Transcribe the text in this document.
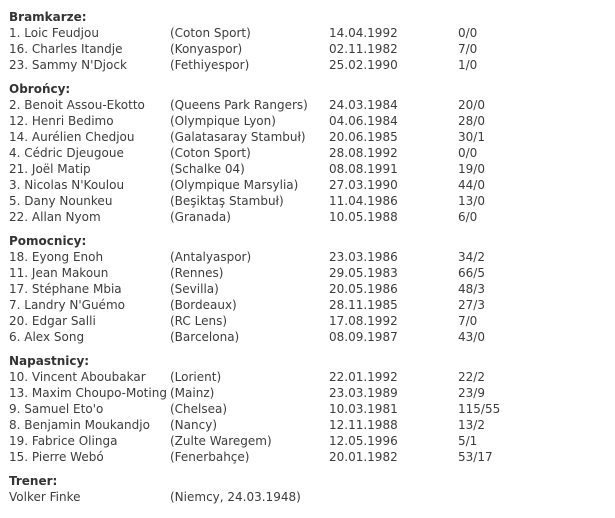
Bramkarze:
1. Loic Feudjou	(Coton Sport)	14.04.1992	0/0
16. Charles Itandje	(Konyaspor)	02.11.1982	7/0
23. Sammy N'Djock	(Fethiyespor)	25.02.1990	1/0
Obrońcy:
2. Benoit Assou-Ekotto (Queens Park Rangers) 24.03.1984	20/0
12. Henri Bedimo	(Olympique Lyon)	04.06.1984	28/0
14. Aurélien Chedjou	(Galatasaray Stambuł) 20.06.1985	30/1
4. Cédric Djeugoue	(Coton Sport)	28.08.1992	0/0
21. Joël Matip	(Schalke 04)	08.08.1991	19/0
3. Nicolas N'Koulou	(Olympique Marsylia)	27.03.1990	44/0
5. Dany Nounkeu	(Beşiktaş Stambuł)	11.04.1986	13/0
22. Allan Nyom	(Granada)	10.05.1988	6/0
Pomocnicy:
18. Eyong Enoh	(Antalyaspor)	23.03.1986	34/2
11. Jean Makoun	(Rennes)	29.05.1983	66/5
17. Stéphane Mbia	(Sevilla)	20.05.1986	48/3
7. Landry N'Guémo	(Bordeaux)	28.11.1985	27/3
20. Edgar Salli	(RC Lens)	17.08.1992	7/0
6. Alex Song	(Barcelona)	08.09.1987	43/0
Napastnicy:
10. Vincent Aboubakar (Lorient)	22.01.1992	22/2
13. Maxim Choupo-Moting (Mainz)	23.03.1989	23/9
9. Samuel Eto'o	(Chelsea)	10.03.1981	115/55
8. Benjamin Moukandjo (Nancy)	12.11.1988	13/2
19. Fabrice Olinga	(Zulte Waregem)	12.05.1996	5/1
15. Pierre Webó	(Fenerbahçe)	20.01.1982	53/17
Trener:
Volker Finke	(Niemcy, 24.03.1948)
